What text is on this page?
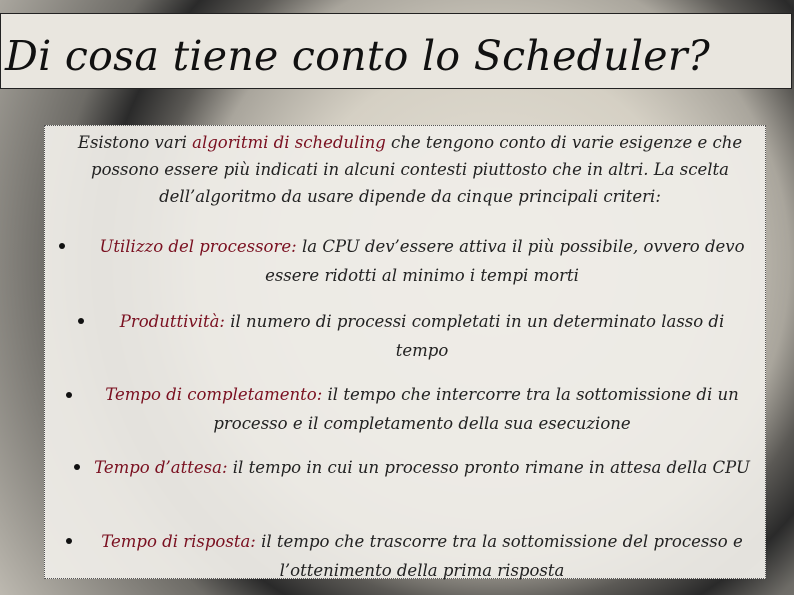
Di cosa tiene conto lo Scheduler?
Esistono vari algoritmi di scheduling che tengono conto di varie esigenze e che possono essere più indicati in alcuni contesti piuttosto che in altri. La scelta dell’algoritmo da usare dipende da cinque principali criteri:
Utilizzo del processore: la CPU dev’essere attiva il più possibile, ovvero devo essere ridotti al minimo i tempi morti
Produttività: il numero di processi completati in un determinato lasso di tempo
Tempo di completamento: il tempo che intercorre tra la sottomissione di un processo e il completamento della sua esecuzione
Tempo d’attesa: il tempo in cui un processo pronto rimane in attesa della CPU
Tempo di risposta: il tempo che trascorre tra la sottomissione del processo e l’ottenimento della prima risposta
